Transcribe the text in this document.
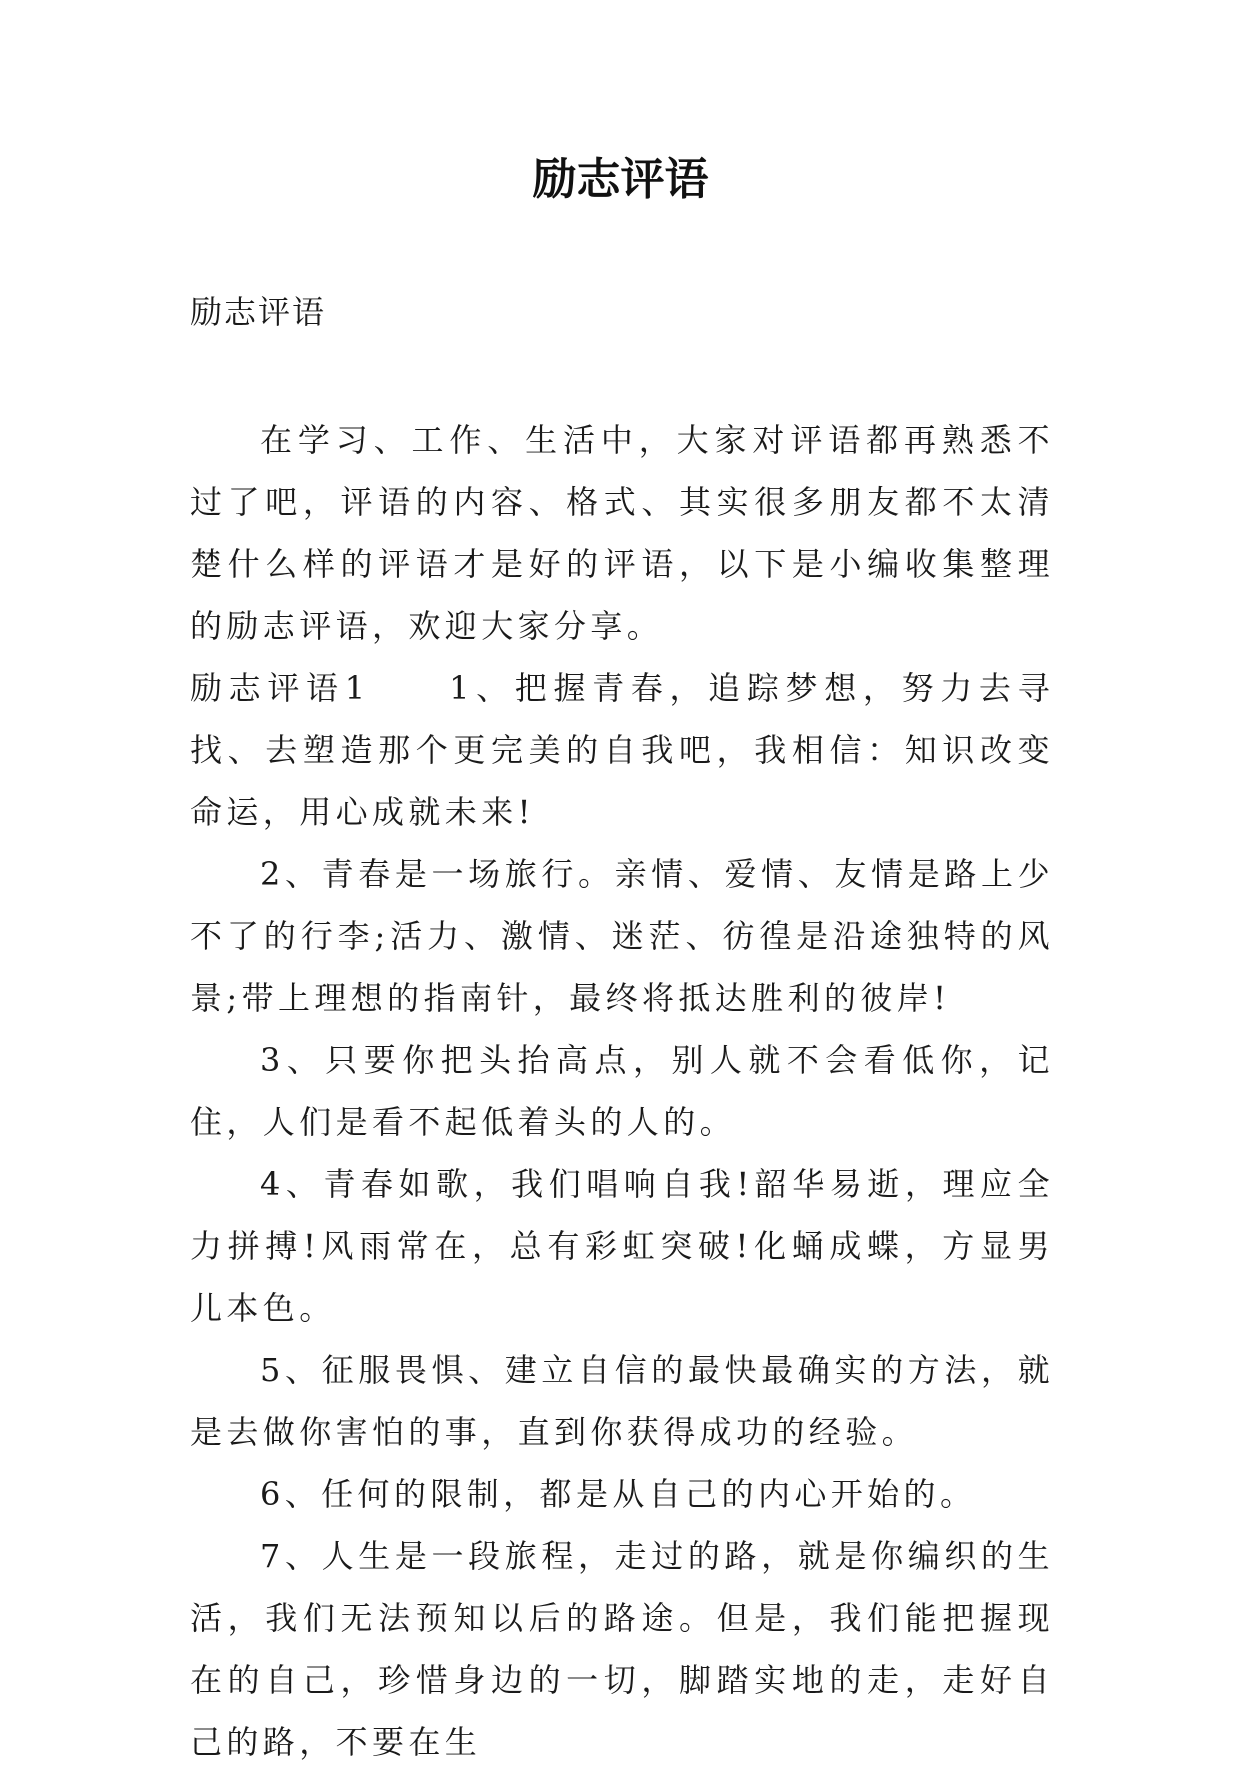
励志评语
励志评语

在学习、工作、生活中，大家对评语都再熟悉不过了吧，评语的内容、格式、其实很多朋友都不太清楚什么样的评语才是好的评语，以下是小编收集整理的励志评语，欢迎大家分享。

励志评语1　　1、把握青春，追踪梦想，努力去寻找、去塑造那个更完美的自我吧，我相信：知识改变命运，用心成就未来!

2、青春是一场旅行。亲情、爱情、友情是路上少不了的行李;活力、激情、迷茫、彷徨是沿途独特的风景;带上理想的指南针，最终将抵达胜利的彼岸!

3、只要你把头抬高点，别人就不会看低你，记住，人们是看不起低着头的人的。

4、青春如歌，我们唱响自我!韶华易逝，理应全力拼搏!风雨常在，总有彩虹突破!化蛹成蝶，方显男儿本色。

5、征服畏惧、建立自信的最快最确实的方法，就是去做你害怕的事，直到你获得成功的经验。

6、任何的限制，都是从自己的内心开始的。

7、人生是一段旅程，走过的路，就是你编织的生活，我们无法预知以后的路途。但是，我们能把握现在的自己，珍惜身边的一切，脚踏实地的走，走好自己的路，不要在生
